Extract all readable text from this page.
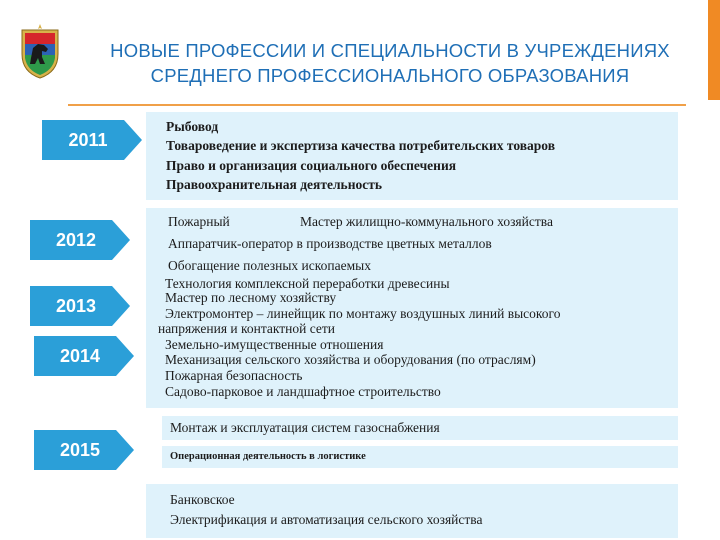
НОВЫЕ ПРОФЕССИИ И СПЕЦИАЛЬНОСТИ В УЧРЕЖДЕНИЯХ
СРЕДНЕГО ПРОФЕССИОНАЛЬНОГО ОБРАЗОВАНИЯ
2011
2012
2013
2014
2015
Рыбовод
Товароведение и экспертиза качества потребительских товаров
Право и организация социального обеспечения
Правоохранительная деятельность
Пожарный	Мастер жилищно-коммунального хозяйства
Аппаратчик-оператор в производстве цветных металлов
Обогащение полезных ископаемых
Технология комплексной переработки древесины
Мастер по лесному хозяйству
Электромонтер – линейщик по монтажу воздушных линий высокого
напряжения и контактной сети
Земельно-имущественные отношения
Механизация сельского хозяйства и оборудования (по отраслям)
Пожарная безопасность
Садово-парковое и ландшафтное строительство
Монтаж и эксплуатация систем газоснабжения
Операционная деятельность в логистике
Банковское
Электрификация и автоматизация сельского хозяйства
